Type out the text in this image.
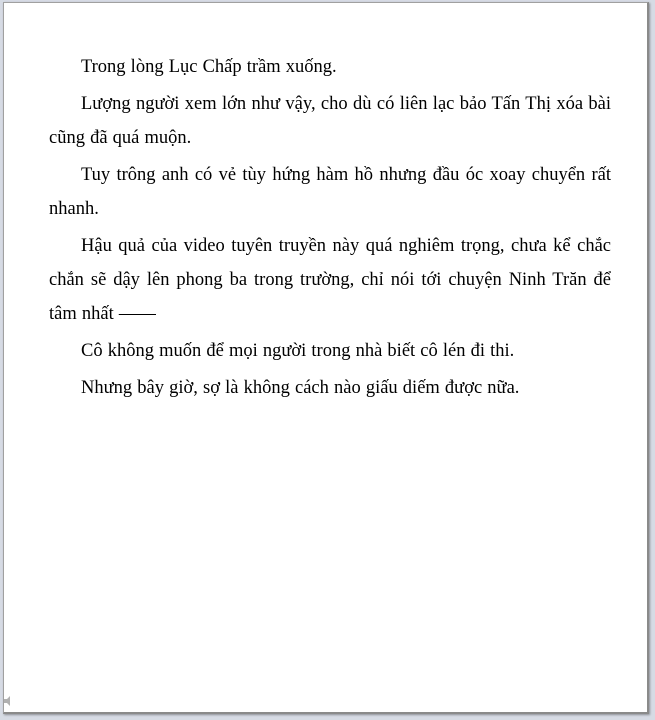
Trong lòng Lục Chấp trầm xuống.

Lượng người xem lớn như vậy, cho dù có liên lạc bảo Tấn Thị xóa bài cũng đã quá muộn.

Tuy trông anh có vẻ tùy hứng hàm hồ nhưng đầu óc xoay chuyển rất nhanh.

Hậu quả của video tuyên truyền này quá nghiêm trọng, chưa kể chắc chắn sẽ dậy lên phong ba trong trường, chỉ nói tới chuyện Ninh Trăn để tâm nhất ——

Cô không muốn để mọi người trong nhà biết cô lén đi thi.

Nhưng bây giờ, sợ là không cách nào giấu diếm được nữa.
